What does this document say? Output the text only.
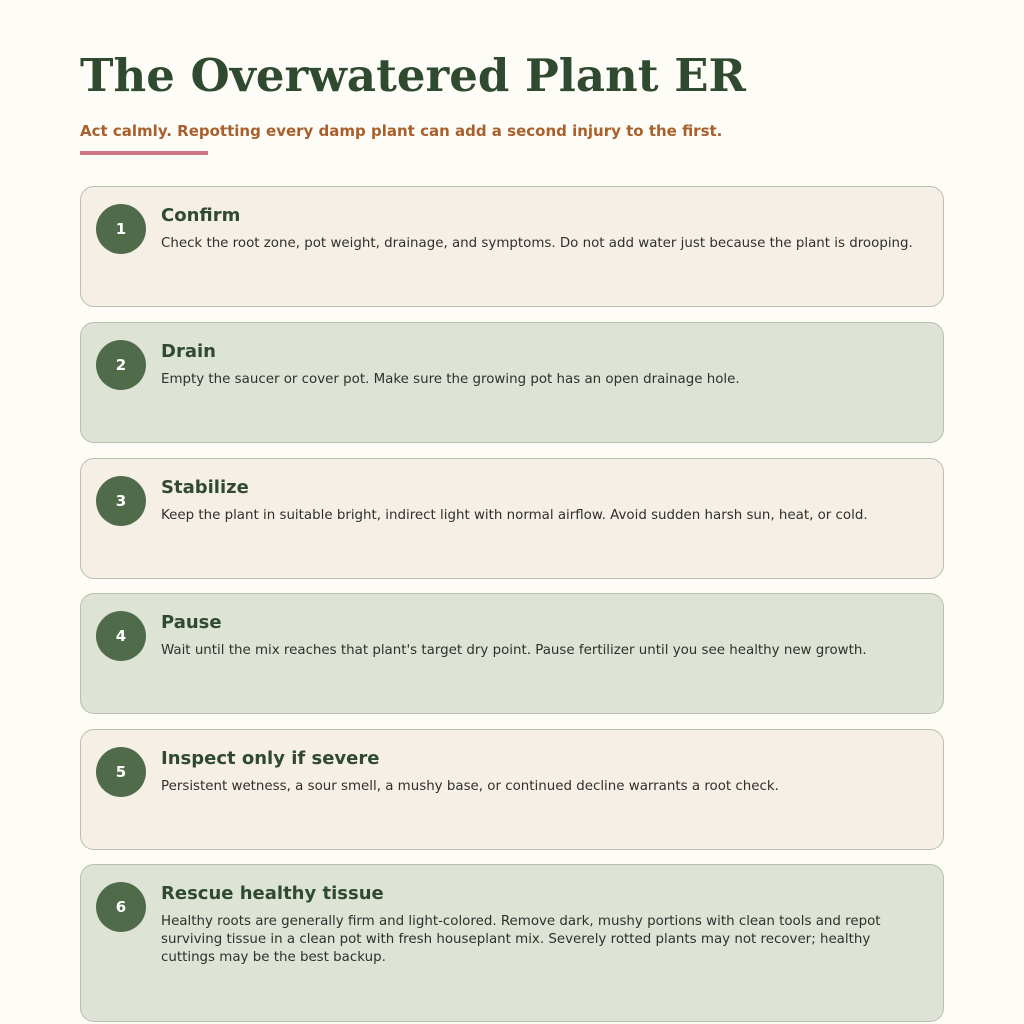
The Overwatered Plant ER

Act calmly. Repotting every damp plant can add a second injury to the first.

1
Confirm

Check the root zone, pot weight, drainage, and symptoms. Do not add water just because the plant is drooping.

2
Drain

Empty the saucer or cover pot. Make sure the growing pot has an open drainage hole.

3
Stabilize

Keep the plant in suitable bright, indirect light with normal airflow. Avoid sudden harsh sun, heat, or cold.

4
Pause

Wait until the mix reaches that plant's target dry point. Pause fertilizer until you see healthy new growth.

5
Inspect only if severe

Persistent wetness, a sour smell, a mushy base, or continued decline warrants a root check.

6
Rescue healthy tissue

Healthy roots are generally firm and light-colored. Remove dark, mushy portions with clean tools and repot surviving tissue in a clean pot with fresh houseplant mix. Severely rotted plants may not recover; healthy cuttings may be the best backup.
